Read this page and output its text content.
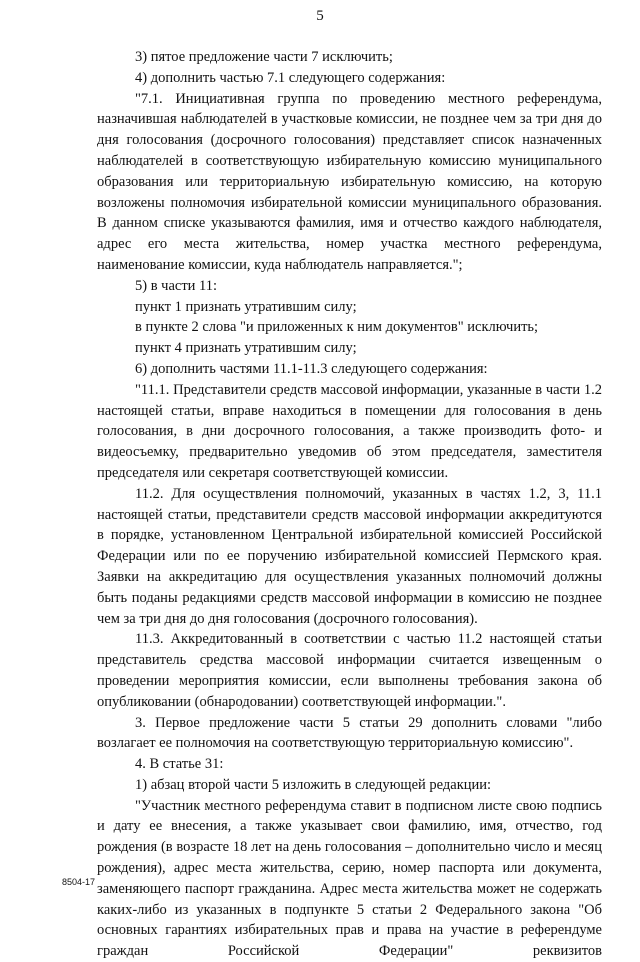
5

3) пятое предложение части 7 исключить;

4) дополнить частью 7.1 следующего содержания:

"7.1. Инициативная группа по проведению местного референдума, назначившая наблюдателей в участковые комиссии, не позднее чем за три дня до дня голосования (досрочного голосования) представляет список назначенных наблюдателей в соответствующую избирательную комиссию муниципального образования или территориальную избирательную комиссию, на которую возложены полномочия избирательной комиссии муниципального образования. В данном списке указываются фамилия, имя и отчество каждого наблюдателя, адрес его места жительства, номер участка местного референдума, наименование комиссии, куда наблюдатель направляется.";

5) в части 11:

пункт 1 признать утратившим силу;

в пункте 2 слова "и приложенных к ним документов" исключить;

пункт 4 признать утратившим силу;

6) дополнить частями 11.1-11.3 следующего содержания:

"11.1. Представители средств массовой информации, указанные в части 1.2 настоящей статьи, вправе находиться в помещении для голосования в день голосования, в дни досрочного голосования, а также производить фото- и видеосъемку, предварительно уведомив об этом председателя, заместителя председателя или секретаря соответствующей комиссии.

11.2. Для осуществления полномочий, указанных в частях 1.2, 3, 11.1 настоящей статьи, представители средств массовой информации аккредитуются в порядке, установленном Центральной избирательной комиссией Российской Федерации или по ее поручению избирательной комиссией Пермского края. Заявки на аккредитацию для осуществления указанных полномочий должны быть поданы редакциями средств массовой информации в комиссию не позднее чем за три дня до дня голосования (досрочного голосования).

11.3. Аккредитованный в соответствии с частью 11.2 настоящей статьи представитель средства массовой информации считается извещенным о проведении мероприятия комиссии, если выполнены требования закона об опубликовании (обнародовании) соответствующей информации.".

3. Первое предложение части 5 статьи 29 дополнить словами "либо возлагает ее полномочия на соответствующую территориальную комиссию".

4. В статье 31:

1) абзац второй части 5 изложить в следующей редакции:

"Участник местного референдума ставит в подписном листе свою подпись и дату ее внесения, а также указывает свои фамилию, имя, отчество, год рождения (в возрасте 18 лет на день голосования – дополнительно число и месяц рождения), адрес места жительства, серию, номер паспорта или документа, заменяющего паспорт гражданина. Адрес места жительства может не содержать каких-либо из указанных в подпункте 5 статьи 2 Федерального закона "Об основных гарантиях избирательных прав и права на участие в референдуме граждан Российской Федерации" реквизитов

8504-17
